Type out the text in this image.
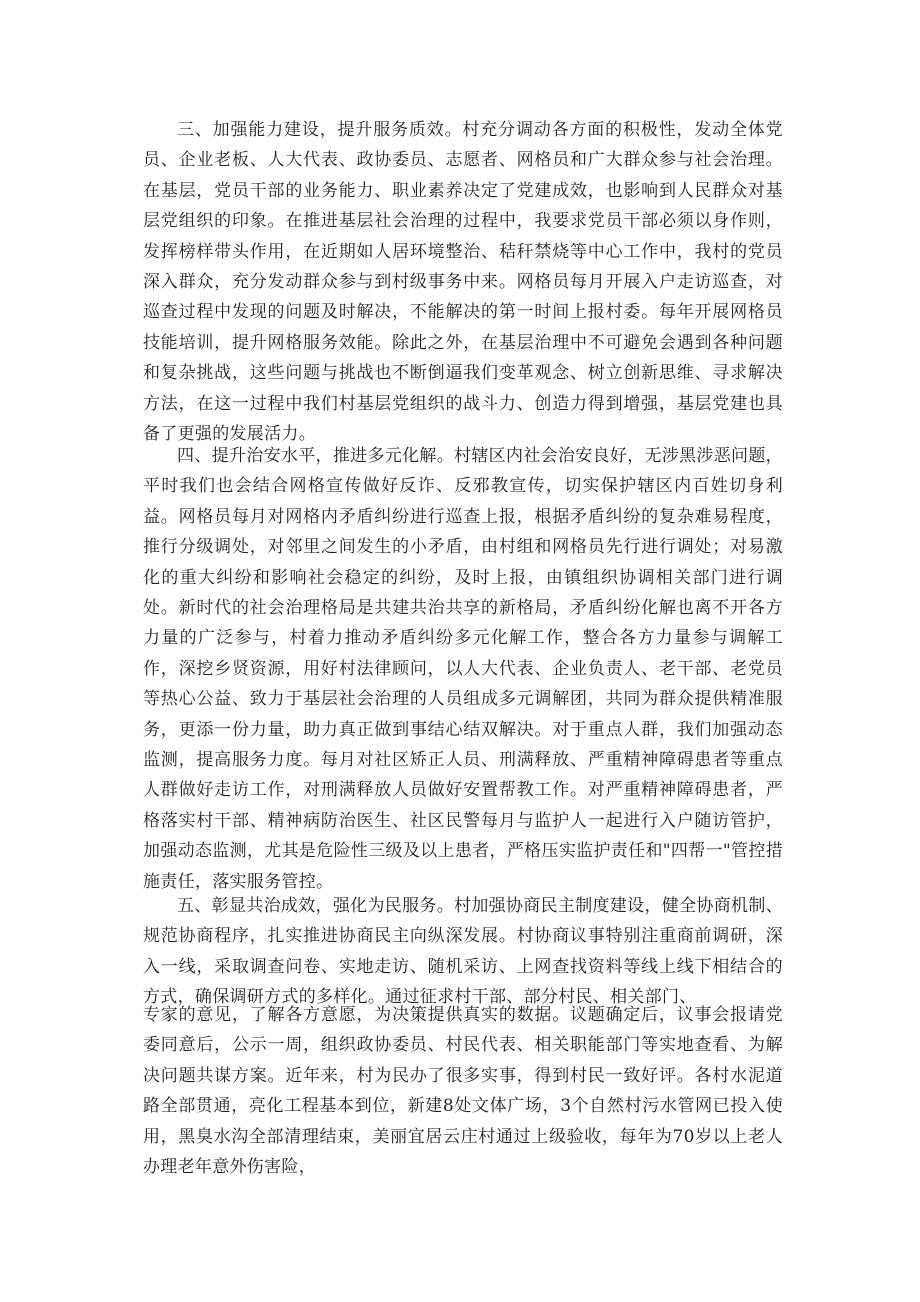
三、加强能力建设，提升服务质效。村充分调动各方面的积极性，发动全体党员、企业老板、人大代表、政协委员、志愿者、网格员和广大群众参与社会治理。在基层，党员干部的业务能力、职业素养决定了党建成效，也影响到人民群众对基层党组织的印象。在推进基层社会治理的过程中，我要求党员干部必须以身作则，发挥榜样带头作用，在近期如人居环境整治、秸秆禁烧等中心工作中，我村的党员深入群众，充分发动群众参与到村级事务中来。网格员每月开展入户走访巡查，对巡查过程中发现的问题及时解决，不能解决的第一时间上报村委。每年开展网格员技能培训，提升网格服务效能。除此之外，在基层治理中不可避免会遇到各种问题和复杂挑战，这些问题与挑战也不断倒逼我们变革观念、树立创新思维、寻求解决方法，在这一过程中我们村基层党组织的战斗力、创造力得到增强，基层党建也具备了更强的发展活力。

四、提升治安水平，推进多元化解。村辖区内社会治安良好，无涉黑涉恶问题，平时我们也会结合网格宣传做好反诈、反邪教宣传，切实保护辖区内百姓切身利益。网格员每月对网格内矛盾纠纷进行巡查上报，根据矛盾纠纷的复杂难易程度，推行分级调处，对邻里之间发生的小矛盾，由村组和网格员先行进行调处；对易激化的重大纠纷和影响社会稳定的纠纷，及时上报，由镇组织协调相关部门进行调处。新时代的社会治理格局是共建共治共享的新格局，矛盾纠纷化解也离不开各方力量的广泛参与，村着力推动矛盾纠纷多元化解工作，整合各方力量参与调解工作，深挖乡贤资源，用好村法律顾问，以人大代表、企业负责人、老干部、老党员等热心公益、致力于基层社会治理的人员组成多元调解团，共同为群众提供精准服务，更添一份力量，助力真正做到事结心结双解决。对于重点人群，我们加强动态监测，提高服务力度。每月对社区矫正人员、刑满释放、严重精神障碍患者等重点人群做好走访工作，对刑满释放人员做好安置帮教工作。对严重精神障碍患者，严格落实村干部、精神病防治医生、社区民警每月与监护人一起进行入户随访管护，加强动态监测，尤其是危险性三级及以上患者，严格压实监护责任和"四帮一"管控措施责任，落实服务管控。

五、彰显共治成效，强化为民服务。村加强协商民主制度建设，健全协商机制、规范协商程序，扎实推进协商民主向纵深发展。村协商议事特别注重商前调研，深入一线，采取调查问卷、实地走访、随机采访、上网查找资料等线上线下相结合的方式，确保调研方式的多样化。通过征求村干部、部分村民、相关部门、

专家的意见，了解各方意愿，为决策提供真实的数据。议题确定后，议事会报请党委同意后，公示一周，组织政协委员、村民代表、相关职能部门等实地查看、为解决问题共谋方案。近年来，村为民办了很多实事，得到村民一致好评。各村水泥道路全部贯通，亮化工程基本到位，新建8处文体广场，3个自然村污水管网已投入使用，黑臭水沟全部清理结束，美丽宜居云庄村通过上级验收，每年为70岁以上老人办理老年意外伤害险，
